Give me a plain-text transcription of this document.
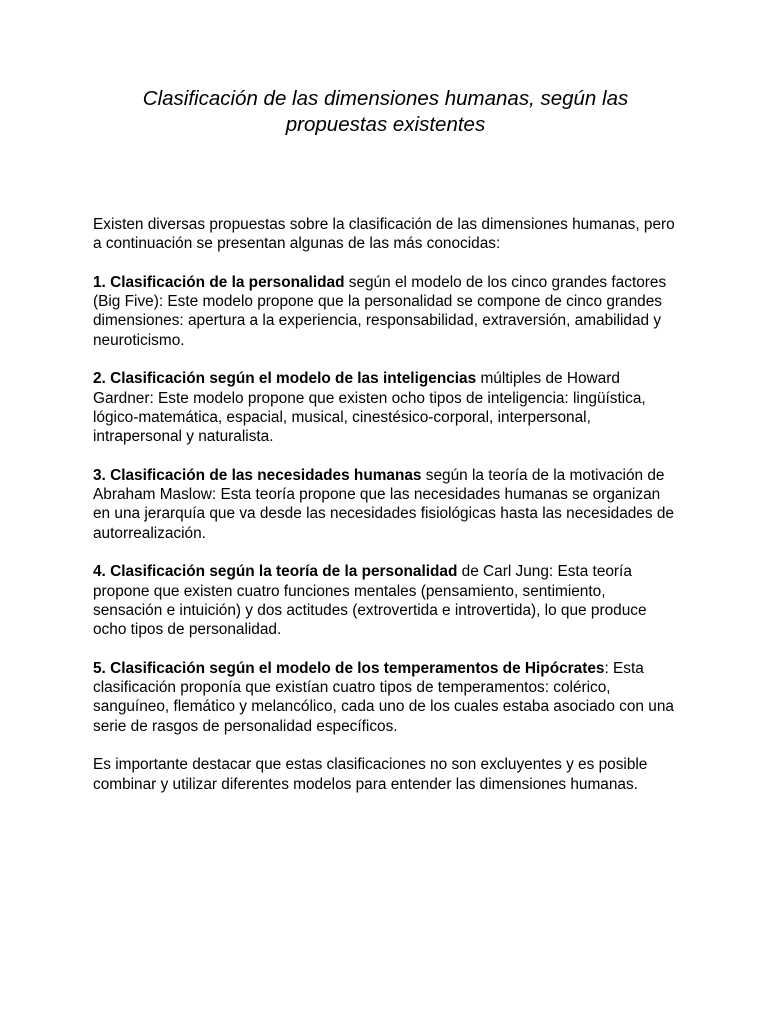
Clasificación de las dimensiones humanas, según las propuestas existentes

Existen diversas propuestas sobre la clasificación de las dimensiones humanas, pero a continuación se presentan algunas de las más conocidas:

1. Clasificación de la personalidad según el modelo de los cinco grandes factores (Big Five): Este modelo propone que la personalidad se compone de cinco grandes dimensiones: apertura a la experiencia, responsabilidad, extraversión, amabilidad y neuroticismo.

2. Clasificación según el modelo de las inteligencias múltiples de Howard Gardner: Este modelo propone que existen ocho tipos de inteligencia: lingüística, lógico-matemática, espacial, musical, cinestésico-corporal, interpersonal, intrapersonal y naturalista.

3. Clasificación de las necesidades humanas según la teoría de la motivación de Abraham Maslow: Esta teoría propone que las necesidades humanas se organizan en una jerarquía que va desde las necesidades fisiológicas hasta las necesidades de autorrealización.

4. Clasificación según la teoría de la personalidad de Carl Jung: Esta teoría propone que existen cuatro funciones mentales (pensamiento, sentimiento, sensación e intuición) y dos actitudes (extrovertida e introvertida), lo que produce ocho tipos de personalidad.

5. Clasificación según el modelo de los temperamentos de Hipócrates: Esta clasificación proponía que existían cuatro tipos de temperamentos: colérico, sanguíneo, flemático y melancólico, cada uno de los cuales estaba asociado con una serie de rasgos de personalidad específicos.

Es importante destacar que estas clasificaciones no son excluyentes y es posible combinar y utilizar diferentes modelos para entender las dimensiones humanas.
